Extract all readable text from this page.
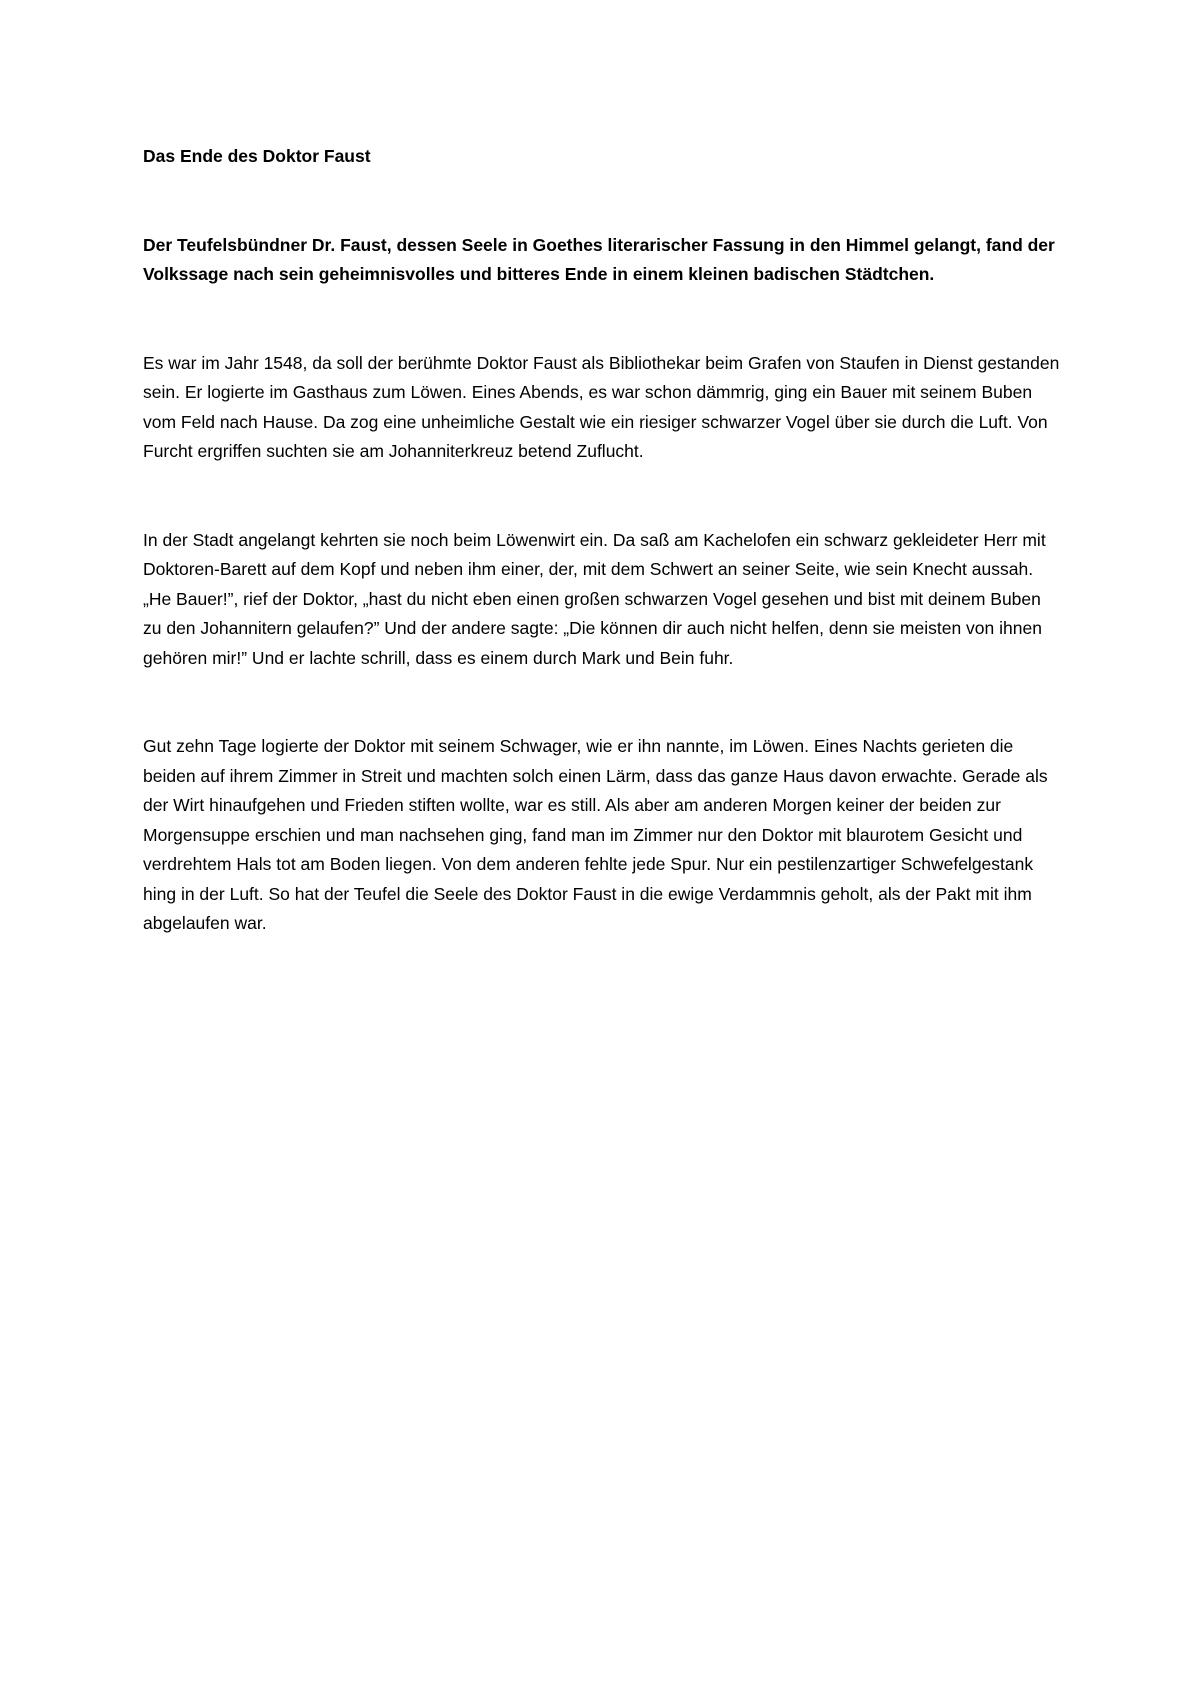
Das Ende des Doktor Faust

Der Teufelsbündner Dr. Faust, dessen Seele in Goethes literarischer Fassung in den Himmel gelangt, fand der Volkssage nach sein geheimnisvolles und bitteres Ende in einem kleinen badischen Städtchen.

Es war im Jahr 1548, da soll der berühmte Doktor Faust als Bibliothekar beim Grafen von Staufen in Dienst gestanden sein. Er logierte im Gasthaus zum Löwen. Eines Abends, es war schon dämmrig, ging ein Bauer mit seinem Buben vom Feld nach Hause. Da zog eine unheimliche Gestalt wie ein riesiger schwarzer Vogel über sie durch die Luft. Von Furcht ergriffen suchten sie am Johanniterkreuz betend Zuflucht.

In der Stadt angelangt kehrten sie noch beim Löwenwirt ein. Da saß am Kachelofen ein schwarz gekleideter Herr mit Doktoren-Barett auf dem Kopf und neben ihm einer, der, mit dem Schwert an seiner Seite, wie sein Knecht aussah. „He Bauer!”, rief der Doktor, „hast du nicht eben einen großen schwarzen Vogel gesehen und bist mit deinem Buben zu den Johannitern gelaufen?” Und der andere sagte: „Die können dir auch nicht helfen, denn sie meisten von ihnen gehören mir!” Und er lachte schrill, dass es einem durch Mark und Bein fuhr.

Gut zehn Tage logierte der Doktor mit seinem Schwager, wie er ihn nannte, im Löwen. Eines Nachts gerieten die beiden auf ihrem Zimmer in Streit und machten solch einen Lärm, dass das ganze Haus davon erwachte. Gerade als der Wirt hinaufgehen und Frieden stiften wollte, war es still. Als aber am anderen Morgen keiner der beiden zur Morgensuppe erschien und man nachsehen ging, fand man im Zimmer nur den Doktor mit blaurotem Gesicht und verdrehtem Hals tot am Boden liegen. Von dem anderen fehlte jede Spur. Nur ein pestilenzartiger Schwefelgestank hing in der Luft. So hat der Teufel die Seele des Doktor Faust in die ewige Verdammnis geholt, als der Pakt mit ihm abgelaufen war.
